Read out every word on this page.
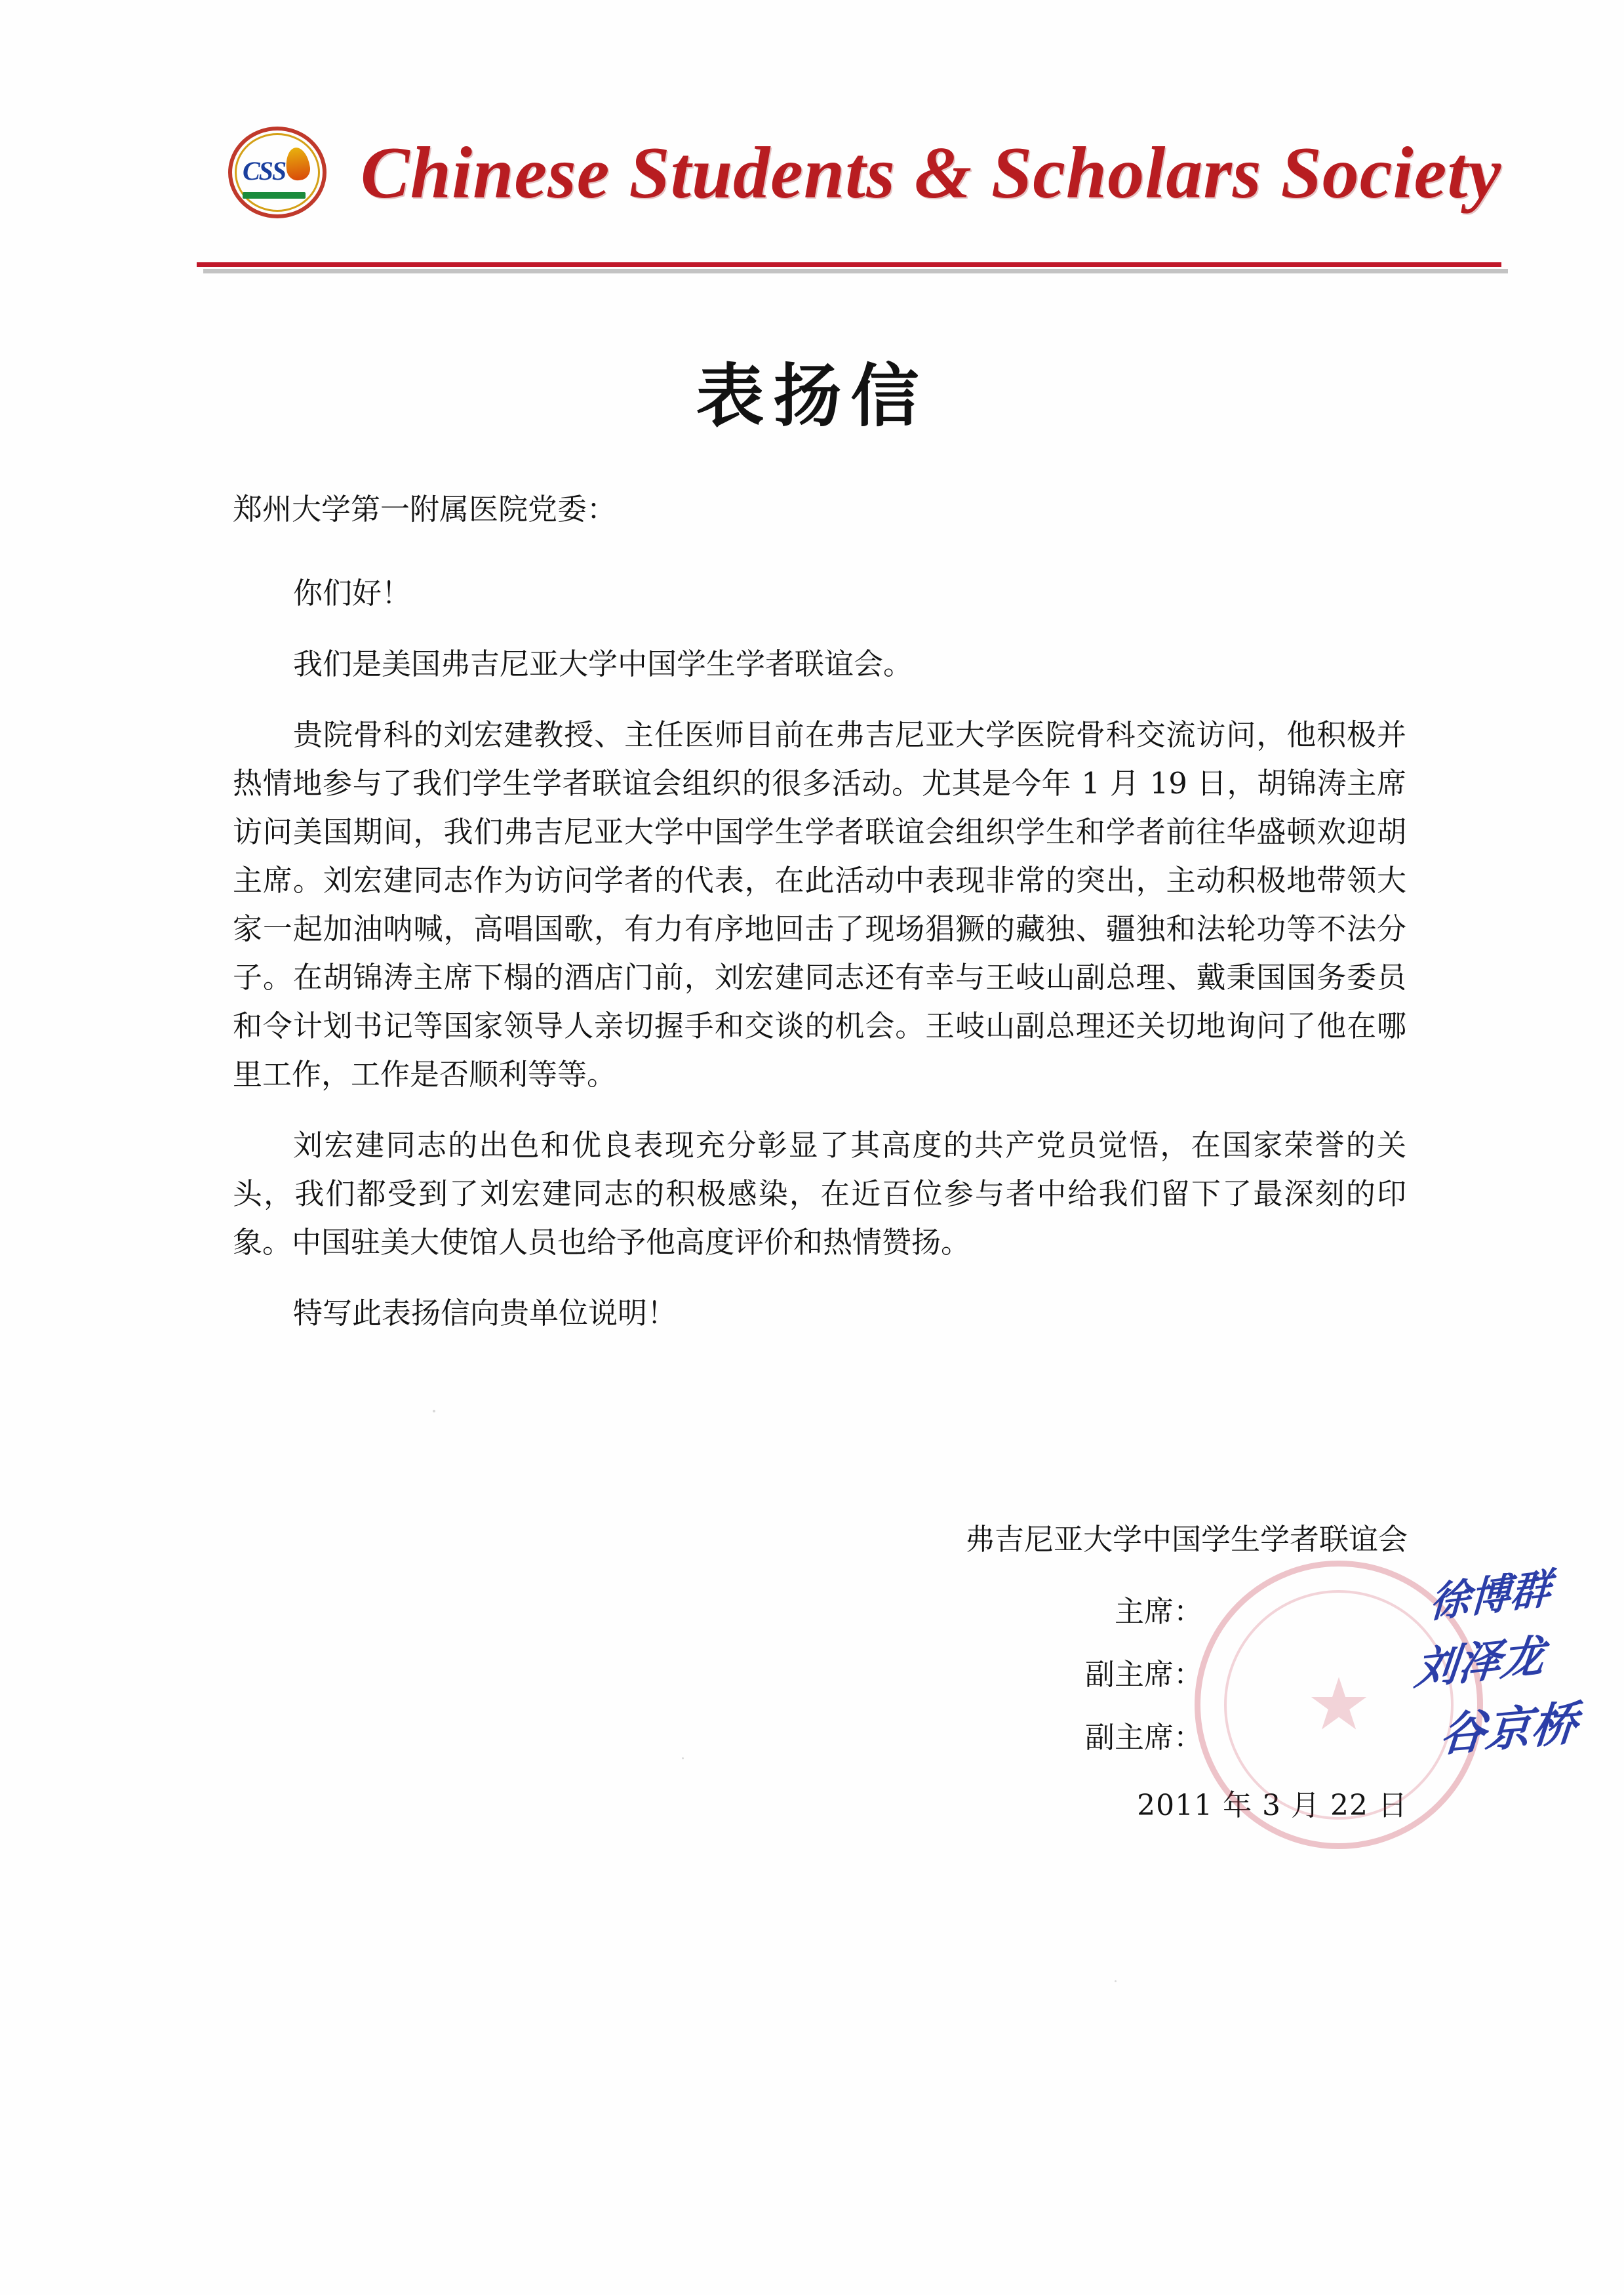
CSS Chinese Students & Scholars Society
表扬信

郑州大学第一附属医院党委：

你们好！

我们是美国弗吉尼亚大学中国学生学者联谊会。

贵院骨科的刘宏建教授、主任医师目前在弗吉尼亚大学医院骨科交流访问，他积极并热情地参与了我们学生学者联谊会组织的很多活动。尤其是今年 1 月 19 日，胡锦涛主席访问美国期间，我们弗吉尼亚大学中国学生学者联谊会组织学生和学者前往华盛顿欢迎胡主席。刘宏建同志作为访问学者的代表，在此活动中表现非常的突出，主动积极地带领大家一起加油呐喊，高唱国歌，有力有序地回击了现场猖獗的藏独、疆独和法轮功等不法分子。在胡锦涛主席下榻的酒店门前，刘宏建同志还有幸与王岐山副总理、戴秉国国务委员和令计划书记等国家领导人亲切握手和交谈的机会。王岐山副总理还关切地询问了他在哪里工作，工作是否顺利等等。

刘宏建同志的出色和优良表现充分彰显了其高度的共产党员觉悟，在国家荣誉的关头，我们都受到了刘宏建同志的积极感染，在近百位参与者中给我们留下了最深刻的印象。中国驻美大使馆人员也给予他高度评价和热情赞扬。

特写此表扬信向贵单位说明！

弗吉尼亚大学中国学生学者联谊会
主席：
副主席：
副主席：
2011 年 3 月 22 日
★
徐博群
刘泽龙
谷京桥
